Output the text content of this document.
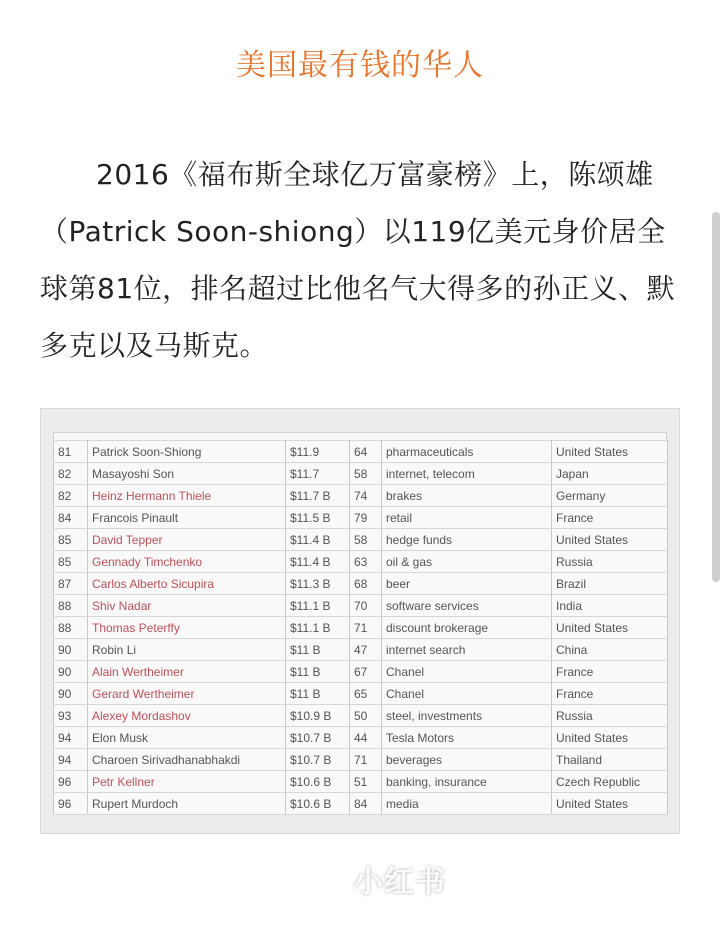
美国最有钱的华人

2016《福布斯全球亿万富豪榜》上，陈颂雄（Patrick Soon-shiong）以119亿美元身价居全球第81位，排名超过比他名气大得多的孙正义、默多克以及马斯克。

81	Patrick Soon-Shiong	$11.9	64	pharmaceuticals	United States
82	Masayoshi Son	$11.7	58	internet, telecom	Japan
82	Heinz Hermann Thiele	$11.7 B	74	brakes	Germany
84	Francois Pinault	$11.5 B	79	retail	France
85	David Tepper	$11.4 B	58	hedge funds	United States
85	Gennady Timchenko	$11.4 B	63	oil & gas	Russia
87	Carlos Alberto Sicupira	$11.3 B	68	beer	Brazil
88	Shiv Nadar	$11.1 B	70	software services	India
88	Thomas Peterffy	$11.1 B	71	discount brokerage	United States
90	Robin Li	$11 B	47	internet search	China
90	Alain Wertheimer	$11 B	67	Chanel	France
90	Gerard Wertheimer	$11 B	65	Chanel	France
93	Alexey Mordashov	$10.9 B	50	steel, investments	Russia
94	Elon Musk	$10.7 B	44	Tesla Motors	United States
94	Charoen Sirivadhanabhakdi	$10.7 B	71	beverages	Thailand
96	Petr Kellner	$10.6 B	51	banking, insurance	Czech Republic
96	Rupert Murdoch	$10.6 B	84	media	United States
小红书
